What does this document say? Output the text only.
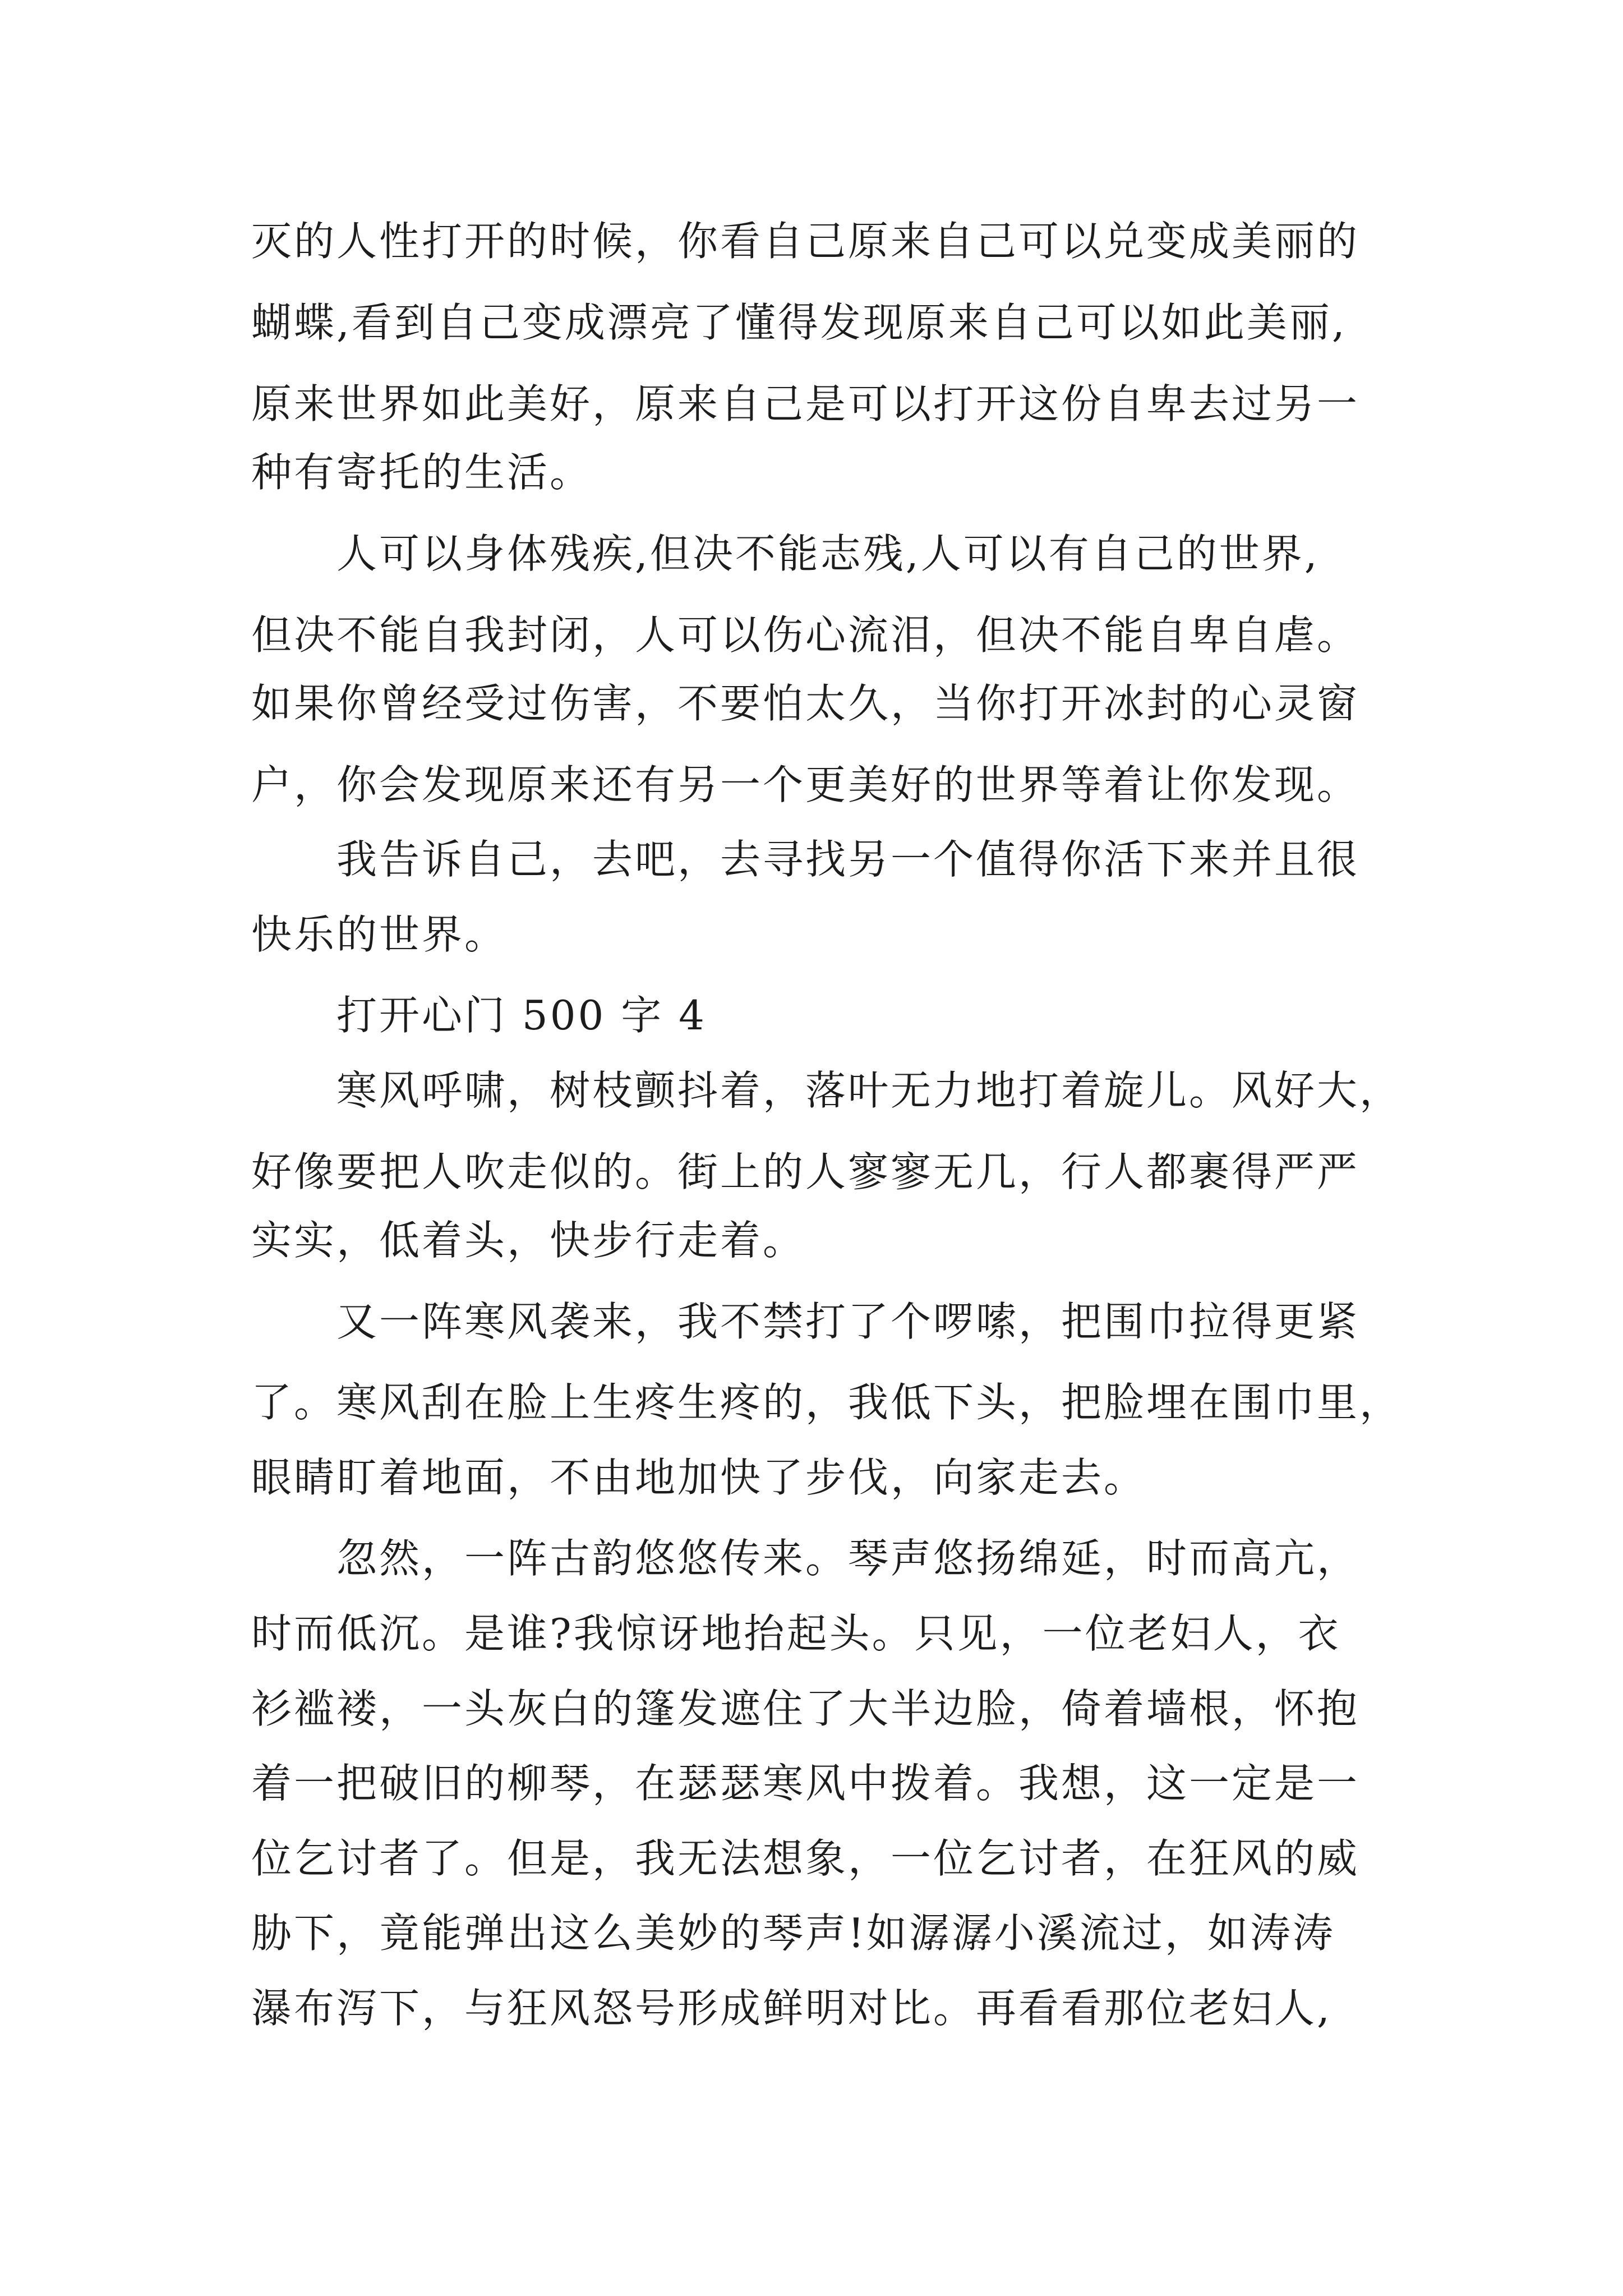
灭的人性打开的时候，你看自己原来自己可以兑变成美丽的
蝴蝶,看到自己变成漂亮了懂得发现原来自己可以如此美丽,
原来世界如此美好，原来自己是可以打开这份自卑去过另一
种有寄托的生活。
人可以身体残疾,但决不能志残,人可以有自己的世界,
但决不能自我封闭，人可以伤心流泪，但决不能自卑自虐。
如果你曾经受过伤害，不要怕太久，当你打开冰封的心灵窗
户，你会发现原来还有另一个更美好的世界等着让你发现。
我告诉自己，去吧，去寻找另一个值得你活下来并且很
快乐的世界。
打开心门 500 字 4
寒风呼啸，树枝颤抖着，落叶无力地打着旋儿。风好大，
好像要把人吹走似的。街上的人寥寥无几，行人都裹得严严
实实，低着头，快步行走着。
又一阵寒风袭来，我不禁打了个啰嗦，把围巾拉得更紧
了。寒风刮在脸上生疼生疼的，我低下头，把脸埋在围巾里，
眼睛盯着地面，不由地加快了步伐，向家走去。
忽然，一阵古韵悠悠传来。琴声悠扬绵延，时而高亢，
时而低沉。是谁?我惊讶地抬起头。只见，一位老妇人，衣
衫褴褛，一头灰白的篷发遮住了大半边脸，倚着墙根，怀抱
着一把破旧的柳琴，在瑟瑟寒风中拨着。我想，这一定是一
位乞讨者了。但是，我无法想象，一位乞讨者，在狂风的威
胁下，竟能弹出这么美妙的琴声!如潺潺小溪流过，如涛涛
瀑布泻下，与狂风怒号形成鲜明对比。再看看那位老妇人,
